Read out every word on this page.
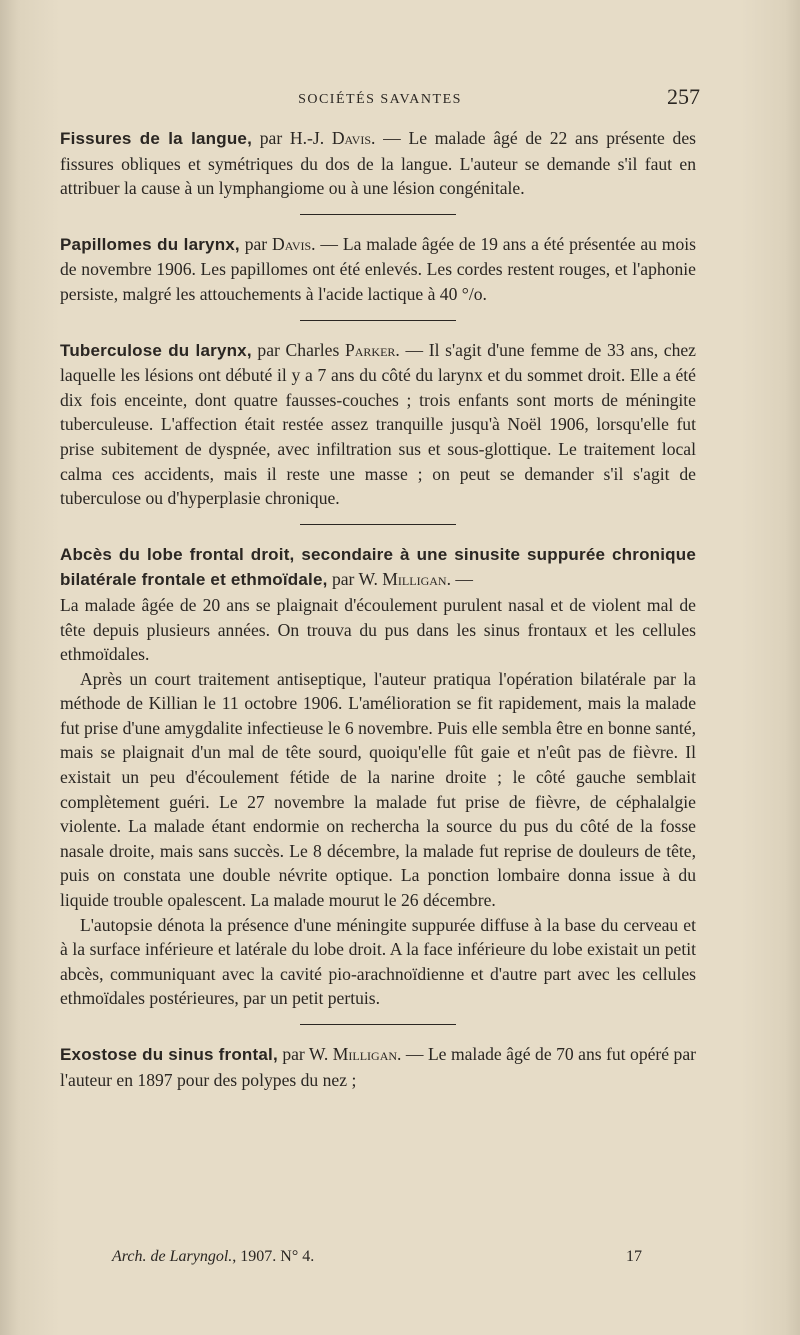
SOCIÉTÉS SAVANTES	257

Fissures de la langue, par H.-J. Davis. — Le malade âgé de 22 ans présente des fissures obliques et symétriques du dos de la langue. L'auteur se demande s'il faut en attribuer la cause à un lymphangiome ou à une lésion congénitale.

Papillomes du larynx, par Davis. — La malade âgée de 19 ans a été présentée au mois de novembre 1906. Les papillomes ont été enlevés. Les cordes restent rouges, et l'aphonie persiste, malgré les attouchements à l'acide lactique à 40 °/o.

Tuberculose du larynx, par Charles Parker. — Il s'agit d'une femme de 33 ans, chez laquelle les lésions ont débuté il y a 7 ans du côté du larynx et du sommet droit. Elle a été dix fois enceinte, dont quatre fausses-couches ; trois enfants sont morts de méningite tuberculeuse. L'affection était restée assez tranquille jusqu'à Noël 1906, lorsqu'elle fut prise subitement de dyspnée, avec infiltration sus et sous-glottique. Le traitement local calma ces accidents, mais il reste une masse ; on peut se demander s'il s'agit de tuberculose ou d'hyperplasie chronique.

Abcès du lobe frontal droit, secondaire à une sinusite suppurée chronique bilatérale frontale et ethmoïdale, par W. Milligan. —

La malade âgée de 20 ans se plaignait d'écoulement purulent nasal et de violent mal de tête depuis plusieurs années. On trouva du pus dans les sinus frontaux et les cellules ethmoïdales.

Après un court traitement antiseptique, l'auteur pratiqua l'opération bilatérale par la méthode de Killian le 11 octobre 1906. L'amélioration se fit rapidement, mais la malade fut prise d'une amygdalite infectieuse le 6 novembre. Puis elle sembla être en bonne santé, mais se plaignait d'un mal de tête sourd, quoiqu'elle fût gaie et n'eût pas de fièvre. Il existait un peu d'écoulement fétide de la narine droite ; le côté gauche semblait complètement guéri. Le 27 novembre la malade fut prise de fièvre, de céphalalgie violente. La malade étant endormie on rechercha la source du pus du côté de la fosse nasale droite, mais sans succès. Le 8 décembre, la malade fut reprise de douleurs de tête, puis on constata une double névrite optique. La ponction lombaire donna issue à du liquide trouble opalescent. La malade mourut le 26 décembre.

L'autopsie dénota la présence d'une méningite suppurée diffuse à la base du cerveau et à la surface inférieure et latérale du lobe droit. A la face inférieure du lobe existait un petit abcès, communiquant avec la cavité pio-arachnoïdienne et d'autre part avec les cellules ethmoïdales postérieures, par un petit pertuis.

Exostose du sinus frontal, par W. Milligan. — Le malade âgé de 70 ans fut opéré par l'auteur en 1897 pour des polypes du nez ;

Arch. de Laryngol., 1907. N° 4.	17
